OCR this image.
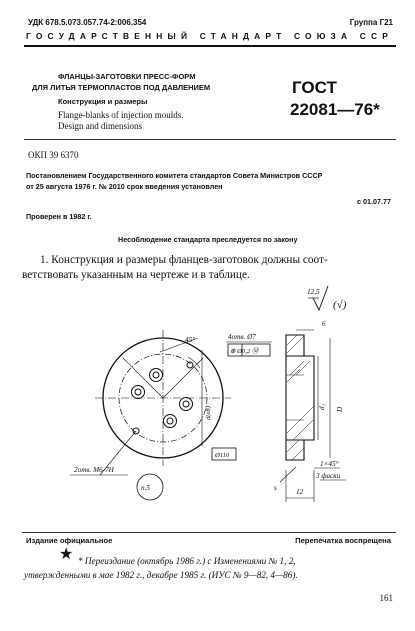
УДК 678.5.073.057.74-2:006.354	Группа Г21
ГОСУДАРСТВЕННЫЙ СТАНДАРТ СОЮЗА ССР
ФЛАНЦЫ-ЗАГОТОВКИ ПРЕСС-ФОРМ
ДЛЯ ЛИТЬЯ ТЕРМОПЛАСТОВ ПОД ДАВЛЕНИЕМ
Конструкция и размеры
Flange-blanks of injection moulds.
Design and dimensions
ГОСТ
22081—76*
ОКП 39 6370
Постановлением Государственного комитета стандартов Совета Министров СССР
от 25 августа 1976 г. № 2010 срок введения установлен
с 01.07.77
Проверен в 1982 г.
Несоблюдение стандарта преследуется по закону
1. Конструкция и размеры фланцев-заготовок должны соот-
ветствовать указанным на чертеже и в таблице.
12,5
(√)
45°	4отв. Ø7
⊕ Ø0,2 Ⓜ
d(e8)
Ø110
2отв. М6-7Н
п.5
6
d₁ D
1×45°
3 фаски
12
s
Издание официальное	Перепечатка воспрещена
★ * Переиздание (октябрь 1986 г.) с Изменениями № 1, 2,
утвержденными в мае 1982 г., декабре 1985 г. (ИУС № 9—82, 4—86).
161
